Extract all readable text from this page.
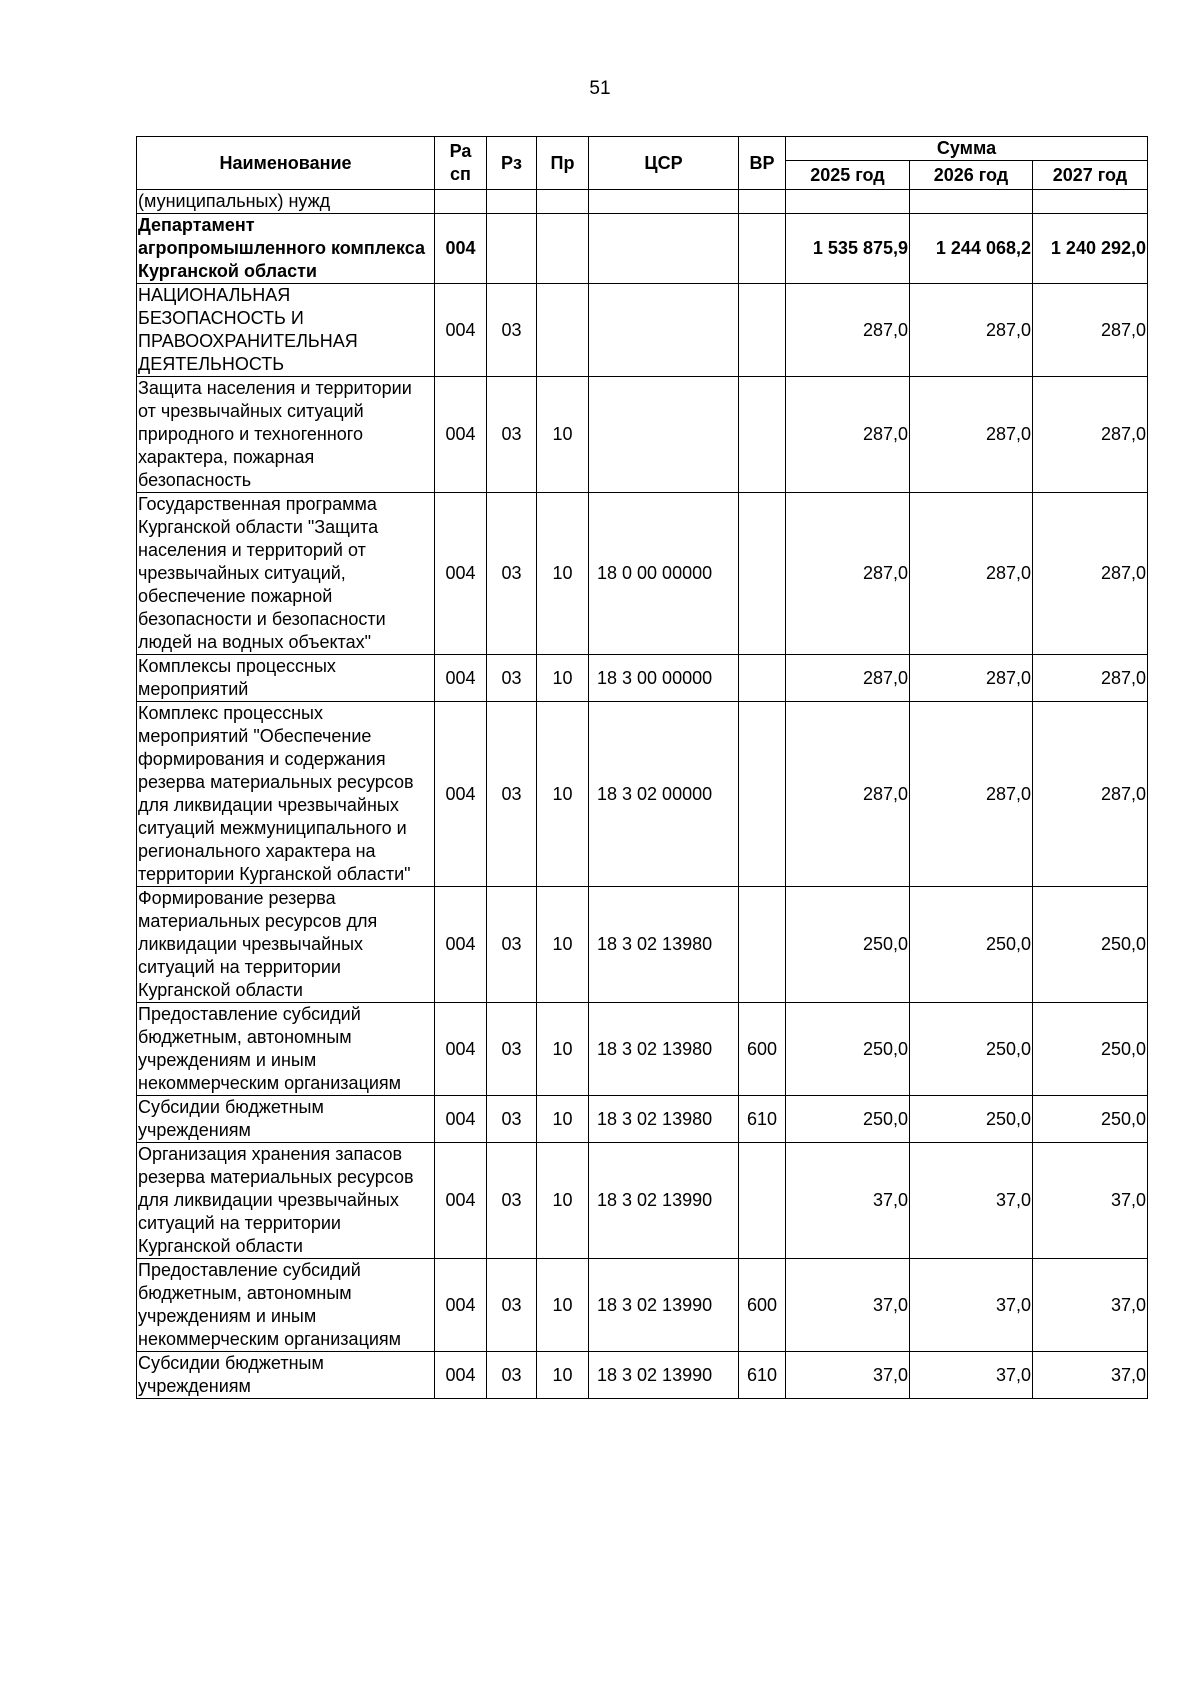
51
Наименование	Ра сп	Рз	Пр	ЦСР	ВР	Сумма		
						2025 год	2026 год	2027 год
(муниципальных) нужд								
Департамент агропромышленного комплекса Курганской области	004					1 535 875,9	1 244 068,2	1 240 292,0
НАЦИОНАЛЬНАЯ БЕЗОПАСНОСТЬ И ПРАВООХРАНИТЕЛЬНАЯ ДЕЯТЕЛЬНОСТЬ	004	03				287,0	287,0	287,0
Защита населения и территории от чрезвычайных ситуаций природного и техногенного характера, пожарная безопасность	004	03	10			287,0	287,0	287,0
Государственная программа Курганской области "Защита населения и территорий от чрезвычайных ситуаций, обеспечение пожарной безопасности и безопасности людей на водных объектах"	004	03	10	18 0 00 00000		287,0	287,0	287,0
Комплексы процессных мероприятий	004	03	10	18 3 00 00000		287,0	287,0	287,0
Комплекс процессных мероприятий "Обеспечение формирования и содержания резерва материальных ресурсов для ликвидации чрезвычайных ситуаций межмуниципального и регионального характера на территории Курганской области"	004	03	10	18 3 02 00000		287,0	287,0	287,0
Формирование резерва материальных ресурсов для ликвидации чрезвычайных ситуаций на территории Курганской области	004	03	10	18 3 02 13980		250,0	250,0	250,0
Предоставление субсидий бюджетным, автономным учреждениям и иным некоммерческим организациям	004	03	10	18 3 02 13980	600	250,0	250,0	250,0
Субсидии бюджетным учреждениям	004	03	10	18 3 02 13980	610	250,0	250,0	250,0
Организация хранения запасов резерва материальных ресурсов для ликвидации чрезвычайных ситуаций на территории Курганской области	004	03	10	18 3 02 13990		37,0	37,0	37,0
Предоставление субсидий бюджетным, автономным учреждениям и иным некоммерческим организациям	004	03	10	18 3 02 13990	600	37,0	37,0	37,0
Субсидии бюджетным учреждениям	004	03	10	18 3 02 13990	610	37,0	37,0	37,0
